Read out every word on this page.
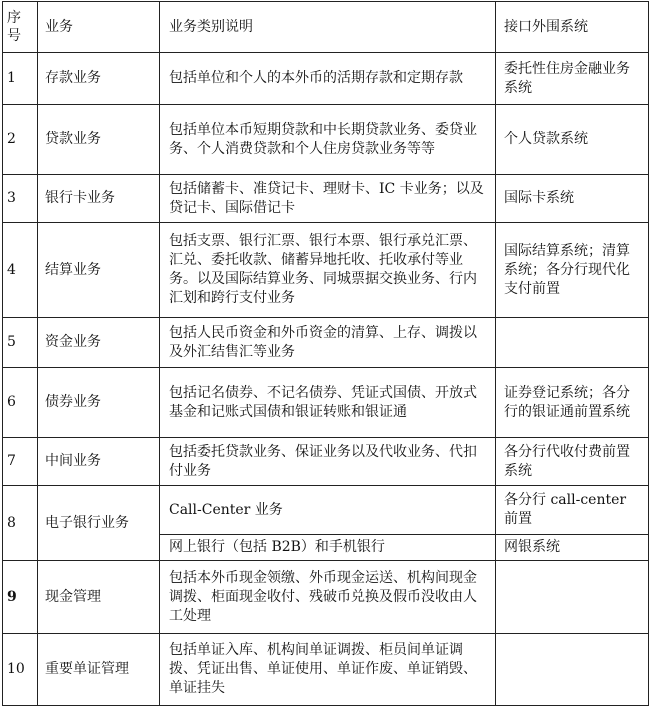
序号	业务	业务类别说明	接口外围系统
1	存款业务	包括单位和个人的本外币的活期存款和定期存款	委托性住房金融业务系统
2	贷款业务	包括单位本币短期贷款和中长期贷款业务、委贷业务、个人消费贷款和个人住房贷款业务等等	个人贷款系统
3	银行卡业务	包括储蓄卡、准贷记卡、理财卡、IC 卡业务；以及贷记卡、国际借记卡	国际卡系统
4	结算业务	包括支票、银行汇票、银行本票、银行承兑汇票、汇兑、委托收款、储蓄异地托收、托收承付等业务。以及国际结算业务、同城票据交换业务、行内汇划和跨行支付业务	国际结算系统；清算系统；各分行现代化支付前置
5	资金业务	包括人民币资金和外币资金的清算、上存、调拨以及外汇结售汇等业务	
6	债券业务	包括记名债券、不记名债券、凭证式国债、开放式基金和记账式国债和银证转账和银证通	证券登记系统；各分行的银证通前置系统
7	中间业务	包括委托贷款业务、保证业务以及代收业务、代扣付业务	各分行代收付费前置系统
8	电子银行业务	Call-Center 业务	各分行 call-center 前置
		网上银行（包括 B2B）和手机银行	网银系统
9	现金管理	包括本外币现金领缴、外币现金运送、机构间现金调拨、柜面现金收付、残破币兑换及假币没收由人工处理	
10	重要单证管理	包括单证入库、机构间单证调拨、柜员间单证调拨、凭证出售、单证使用、单证作废、单证销毁、单证挂失	
